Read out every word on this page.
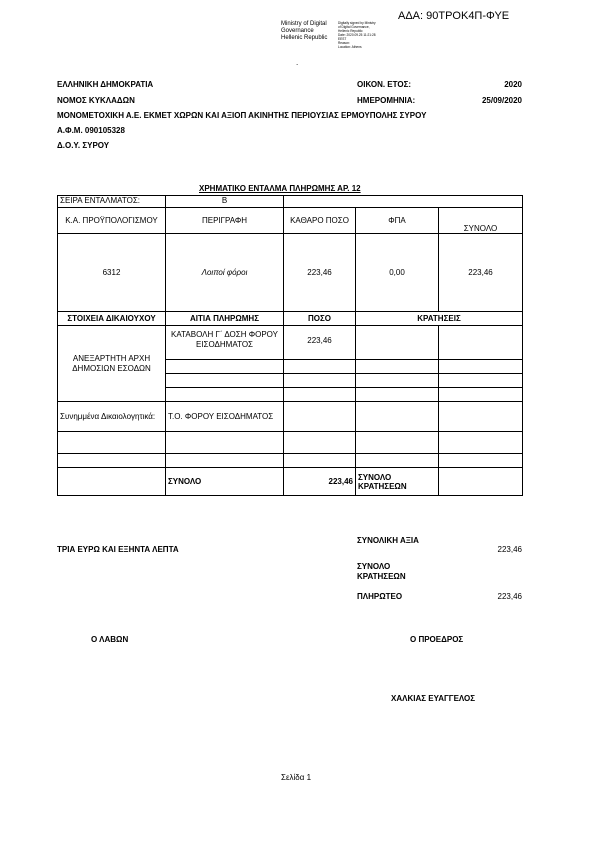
ΑΔΑ: 90ΤΡΟΚ4Π-ΦΥΕ
Ministry of Digital
Governance
Hellenic Republic
Digitally signed by Ministry
of Digital Governance,
Hellenic Republic
Date: 2020.09.25 11:21:28
EEST
Reason:
Location: Athens
.
ΕΛΛΗΝΙΚΗ ΔΗΜΟΚΡΑΤΙΑ
ΝΟΜΟΣ ΚΥΚΛΑΔΩΝ
ΜΟΝΟΜΕΤΟΧΙΚΗ Α.Ε. ΕΚΜΕΤ ΧΩΡΩΝ ΚΑΙ ΑΞΙΟΠ ΑΚΙΝΗΤΗΣ ΠΕΡΙΟΥΣΙΑΣ ΕΡΜΟΥΠΟΛΗΣ ΣΥΡΟΥ
Α.Φ.Μ. 090105328
Δ.Ο.Υ. ΣΥΡΟΥ
ΟΙΚΟΝ. ΕΤΟΣ:	2020
ΗΜΕΡΟΜΗΝΙΑ:	25/09/2020
ΧΡΗΜΑΤΙΚΟ ΕΝΤΑΛΜΑ ΠΛΗΡΩΜΗΣ ΑΡ. 12
ΣΕΙΡΑ ΕΝΤΑΛΜΑΤΟΣ:	Β			
Κ.Α. ΠΡΟΫΠΟΛΟΓΙΣΜΟΥ	ΠΕΡΙΓΡΑΦΗ	ΚΑΘΑΡΟ ΠΟΣΟ	ΦΠΑ	ΣΥΝΟΛΟ
6312	Λοιποί φόροι	223,46	0,00	223,46
ΣΤΟΙΧΕΙΑ ΔΙΚΑΙΟΥΧΟΥ	ΑΙΤΙΑ ΠΛΗΡΩΜΗΣ	ΠΟΣΟ	ΚΡΑΤΗΣΕΙΣ	
ΑΝΕΞΑΡΤΗΤΗ ΑΡΧΗ ΔΗΜΟΣΙΩΝ ΕΣΟΔΩΝ	ΚΑΤΑΒΟΛΗ Γ΄ ΔΟΣΗ ΦΟΡΟΥ ΕΙΣΟΔΗΜΑΤΟΣ	223,46		

Συνημμένα Δικαιολογητικά:	Τ.Ο. ΦΟΡΟΥ ΕΙΣΟΔΗΜΑΤΟΣ			

	ΣΥΝΟΛΟ	223,46	ΣΥΝΟΛΟ ΚΡΑΤΗΣΕΩΝ	
ΣΥΝΟΛΙΚΗ ΑΞΙΑ
ΤΡΙΑ ΕΥΡΩ ΚΑΙ ΕΞΗΝΤΑ ΛΕΠΤΑ	223,46
ΣΥΝΟΛΟ ΚΡΑΤΗΣΕΩΝ
ΠΛΗΡΩΤΕΟ	223,46
Ο ΛΑΒΩΝ	Ο ΠΡΟΕΔΡΟΣ
ΧΑΛΚΙΑΣ ΕΥΑΓΓΕΛΟΣ
Σελίδα 1
